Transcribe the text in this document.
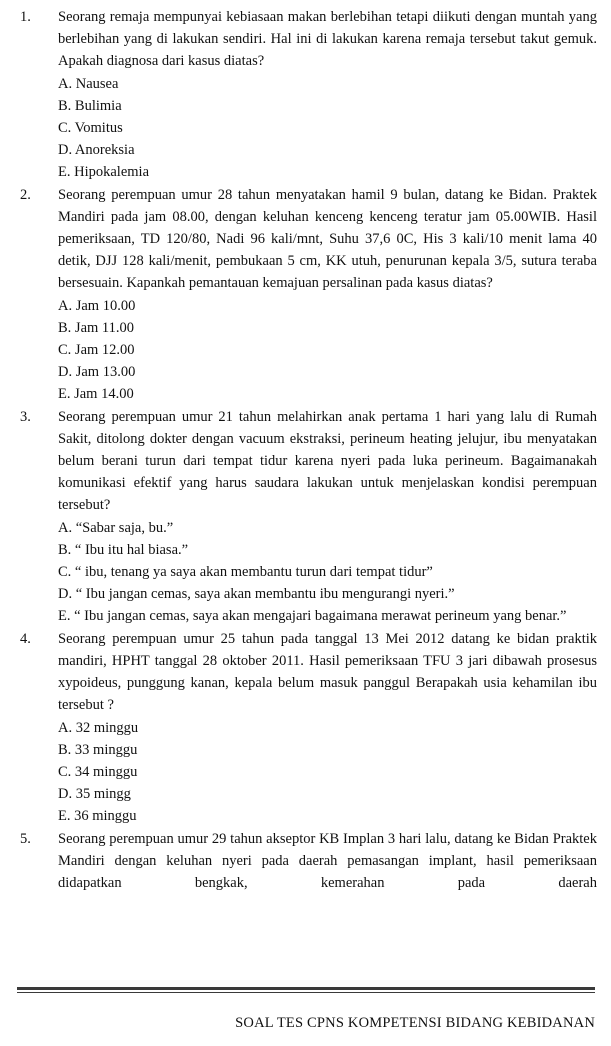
1. Seorang remaja mempunyai kebiasaan makan berlebihan tetapi diikuti dengan muntah yang berlebihan yang di lakukan sendiri. Hal ini di lakukan karena remaja tersebut takut gemuk. Apakah diagnosa dari kasus diatas?

A. Nausea
B. Bulimia
C. Vomitus
D. Anoreksia
E. Hipokalemia
2. Seorang perempuan umur 28 tahun menyatakan hamil 9 bulan, datang ke Bidan. Praktek Mandiri pada jam 08.00, dengan keluhan kenceng kenceng teratur jam 05.00WIB. Hasil pemeriksaan, TD 120/80, Nadi 96 kali/mnt, Suhu 37,6 0C, His 3 kali/10 menit lama 40 detik, DJJ 128 kali/menit, pembukaan 5 cm, KK utuh, penurunan kepala 3/5, sutura teraba bersesuain. Kapankah pemantauan kemajuan persalinan pada kasus diatas?

A. Jam 10.00
B. Jam 11.00
C. Jam 12.00
D. Jam 13.00
E. Jam 14.00
3. Seorang perempuan umur 21 tahun melahirkan anak pertama 1 hari yang lalu di Rumah Sakit, ditolong dokter dengan vacuum ekstraksi, perineum heating jelujur, ibu menyatakan belum berani turun dari tempat tidur karena nyeri pada luka perineum. Bagaimanakah komunikasi efektif yang harus saudara lakukan untuk menjelaskan kondisi perempuan tersebut?

A. “Sabar saja, bu.”
B. “ Ibu itu hal biasa.”
C. “ ibu, tenang ya saya akan membantu turun dari tempat tidur”
D. “ Ibu jangan cemas, saya akan membantu ibu mengurangi nyeri.”
E. “ Ibu jangan cemas, saya akan mengajari bagaimana merawat perineum yang benar.”
4. Seorang perempuan umur 25 tahun pada tanggal 13 Mei 2012 datang ke bidan praktik mandiri, HPHT tanggal 28 oktober 2011. Hasil pemeriksaan TFU 3 jari dibawah prosesus xypoideus, punggung kanan, kepala belum masuk panggul Berapakah usia kehamilan ibu tersebut ?

A. 32 minggu
B. 33 minggu
C. 34 minggu
D. 35 mingg
E. 36 minggu
5. Seorang perempuan umur 29 tahun akseptor KB Implan 3 hari lalu, datang ke Bidan Praktek Mandiri dengan keluhan nyeri pada daerah pemasangan implant, hasil pemeriksaan didapatkan bengkak, kemerahan pada daerah

SOAL TES CPNS KOMPETENSI BIDANG KEBIDANAN
